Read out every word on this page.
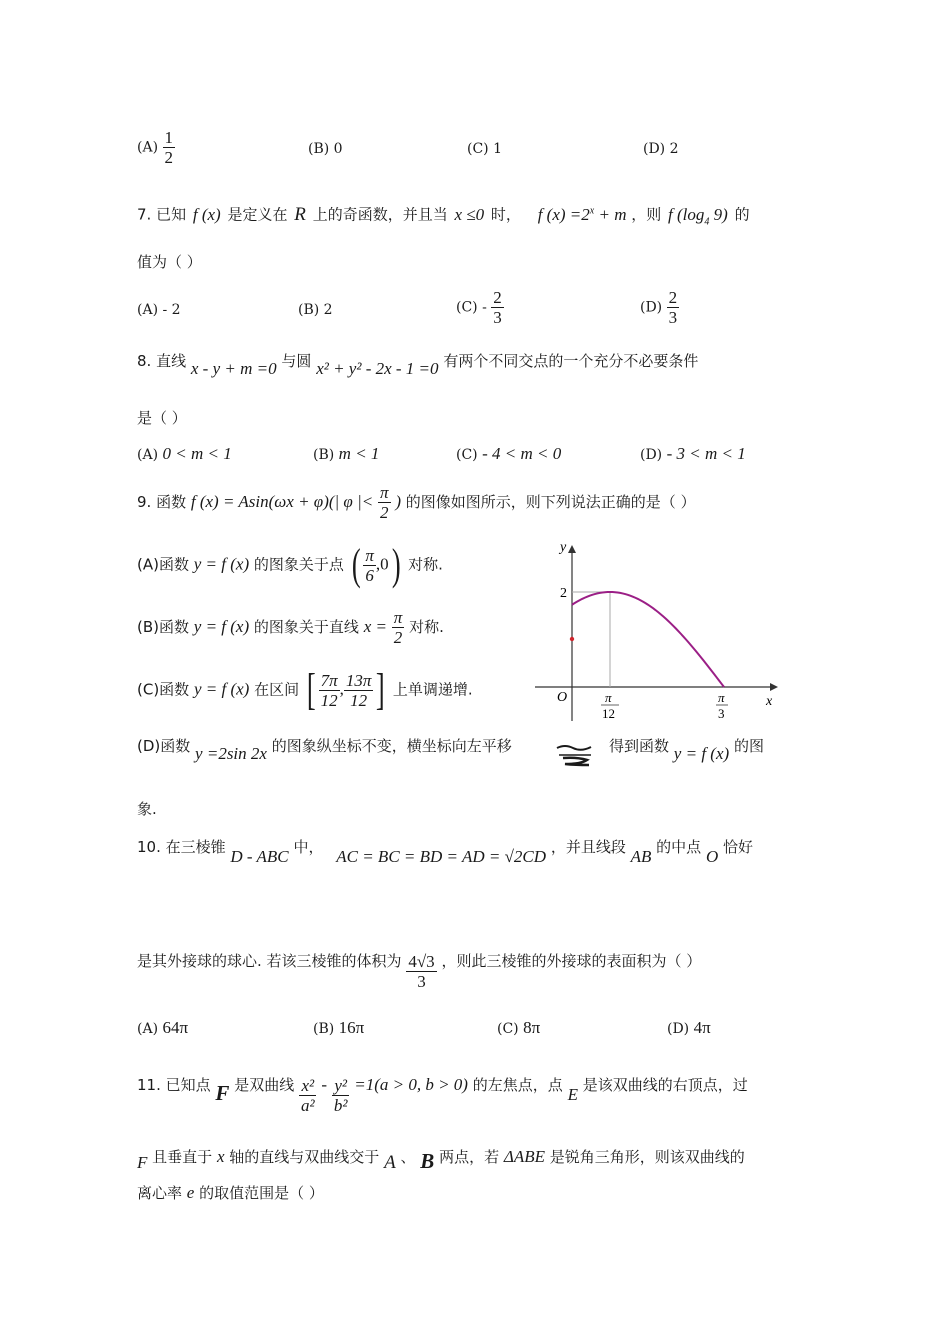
$(A) \frac{1}{2}$	(B) 0	(C) 1	(D) 2
7. 已知 f (x) 是定义在 R 上的奇函数，并且当 x ≤0 时， f $(x) =2^x + m$ ，则 f ($\log_4$ 9) 的
值为（ ）
(A) - 2	(B) 2	$(C) - \frac{2}{3}$	$(D) \frac{2}{3}$
8. 直线 x - y + m =0 与圆 x² + y² - 2x - 1 =0 有两个不同交点的一个充分不必要条件
是（ ）
(A) 0 < m < 1	(B) m < 1	(C) - 4 < m < 0	(D) - 3 < m < 1
9. 函数 f (x) = Asin(ωx + φ)(| φ |< $\frac{\pi}{2}$ ) 的图像如图所示，则下列说法正确的是（ ）
(A)函数 y = f (x) 的图象关于点 ( $\frac{\pi}{6} ,0$) 对称.
(B)函数 y = f (x) 的图象关于直线 $x = \frac{\pi}{2}$ 对称.
(C)函数 y = f (x) 在区间 [ $\frac{7\pi}{12}$ , $\frac{13\pi}{12}$ ] 上单调递增.
(D)函数 y =2sin 2x 的图象纵坐标不变，横坐标向左平移	得到函数 y = f (x) 的图
象.
y
x
O
2
π
12
π
3
10. 在三棱锥 D - ABC 中， AC = BC = BD = AD = √2CD ，并且线段 AB 的中点 O 恰好
是其外接球的球心. 若该三棱锥的体积为 $\frac{4√3}{3}$ ，则此三棱锥的外接球的表面积为（ ）
(A) 64π	(B) 16π	(C) 8π	(D) 4π
11. 已知点 F 是双曲线 $\frac{\text{x²}}{\text{a²}} - \frac{\text{y²}}{\text{b²}} =1(a > 0$, b > 0) 的左焦点，点 E 是该双曲线的右顶点，过
F 且垂直于 x 轴的直线与双曲线交于 A 、 B 两点，若 ΔABE 是锐角三角形，则该双曲线的
离心率 e 的取值范围是（ ）
